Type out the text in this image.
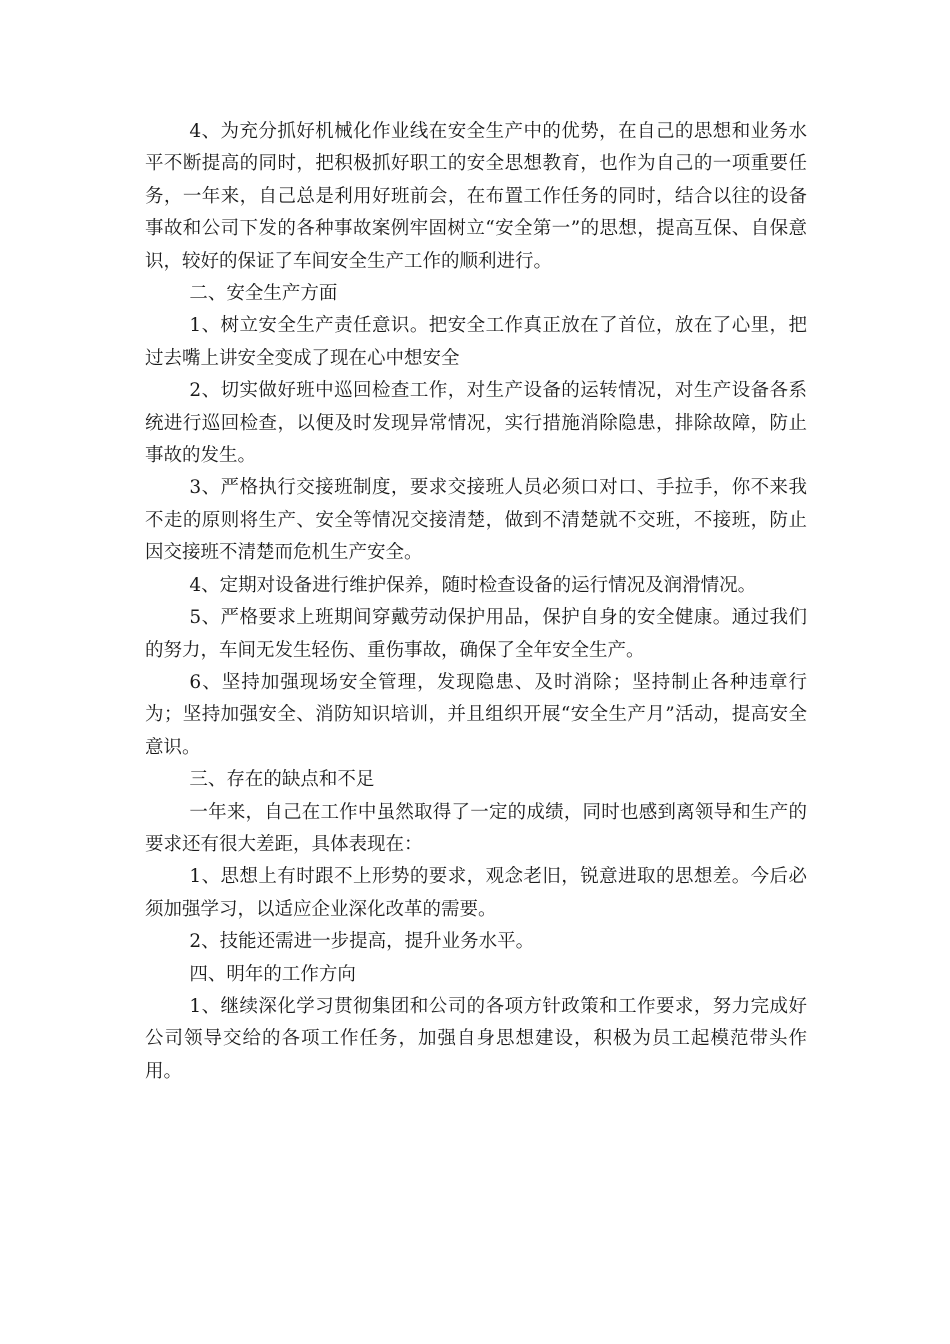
4、为充分抓好机械化作业线在安全生产中的优势，在自己的思想和业务水平不断提高的同时，把积极抓好职工的安全思想教育，也作为自己的一项重要任务，一年来，自己总是利用好班前会，在布置工作任务的同时，结合以往的设备事故和公司下发的各种事故案例牢固树立“安全第一”的思想，提高互保、自保意识，较好的保证了车间安全生产工作的顺利进行。

二、安全生产方面

1、树立安全生产责任意识。把安全工作真正放在了首位，放在了心里，把过去嘴上讲安全变成了现在心中想安全

2、切实做好班中巡回检查工作，对生产设备的运转情况，对生产设备各系统进行巡回检查，以便及时发现异常情况，实行措施消除隐患，排除故障，防止事故的发生。

3、严格执行交接班制度，要求交接班人员必须口对口、手拉手，你不来我不走的原则将生产、安全等情况交接清楚，做到不清楚就不交班，不接班，防止因交接班不清楚而危机生产安全。

4、定期对设备进行维护保养，随时检查设备的运行情况及润滑情况。

5、严格要求上班期间穿戴劳动保护用品，保护自身的安全健康。通过我们的努力，车间无发生轻伤、重伤事故，确保了全年安全生产。

6、坚持加强现场安全管理，发现隐患、及时消除；坚持制止各种违章行为；坚持加强安全、消防知识培训，并且组织开展“安全生产月”活动，提高安全意识。

三、存在的缺点和不足

一年来，自己在工作中虽然取得了一定的成绩，同时也感到离领导和生产的要求还有很大差距，具体表现在：

1、思想上有时跟不上形势的要求，观念老旧，锐意进取的思想差。今后必须加强学习，以适应企业深化改革的需要。

2、技能还需进一步提高，提升业务水平。

四、明年的工作方向

1、继续深化学习贯彻集团和公司的各项方针政策和工作要求，努力完成好公司领导交给的各项工作任务，加强自身思想建设，积极为员工起模范带头作用。
